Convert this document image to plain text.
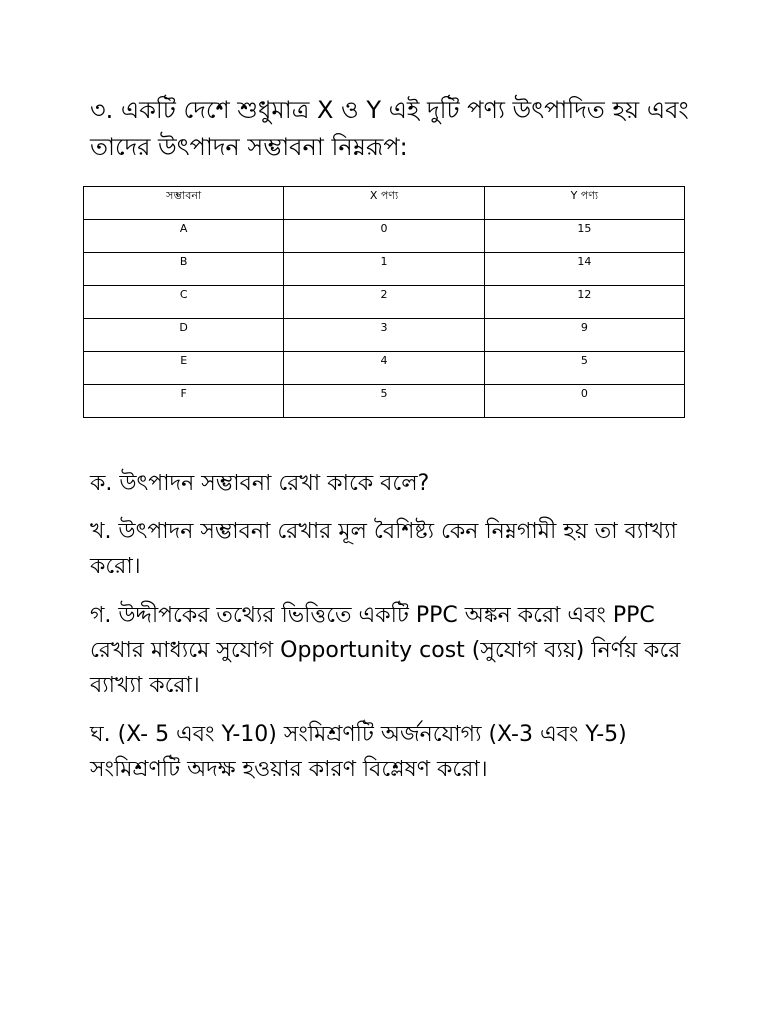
৩. একটি দেশে শুধুমাত্র X ও Y এই দুটি পণ্য উৎপাদিত হয় এবং তাদের উৎপাদন সম্ভাবনা নিম্নরূপ:

সম্ভাবনা	X পণ্য	Y পণ্য
A	0	15
B	1	14
C	2	12
D	3	9
E	4	5
F	5	0
ক. উৎপাদন সম্ভাবনা রেখা কাকে বলে?
খ. উৎপাদন সম্ভাবনা রেখার মূল বৈশিষ্ট্য কেন নিম্নগামী হয় তা ব্যাখ্যা করো।
গ. উদ্দীপকের তথ্যের ভিত্তিতে একটি PPC অঙ্কন করো এবং PPC রেখার মাধ্যমে সুযোগ Opportunity cost (সুযোগ ব্যয়) নির্ণয় করে ব্যাখ্যা করো।
ঘ. (X- 5 এবং Y-10) সংমিশ্রণটি অর্জনযোগ্য (X-3 এবং Y-5) সংমিশ্রণটি অদক্ষ হওয়ার কারণ বিশ্লেষণ করো।
